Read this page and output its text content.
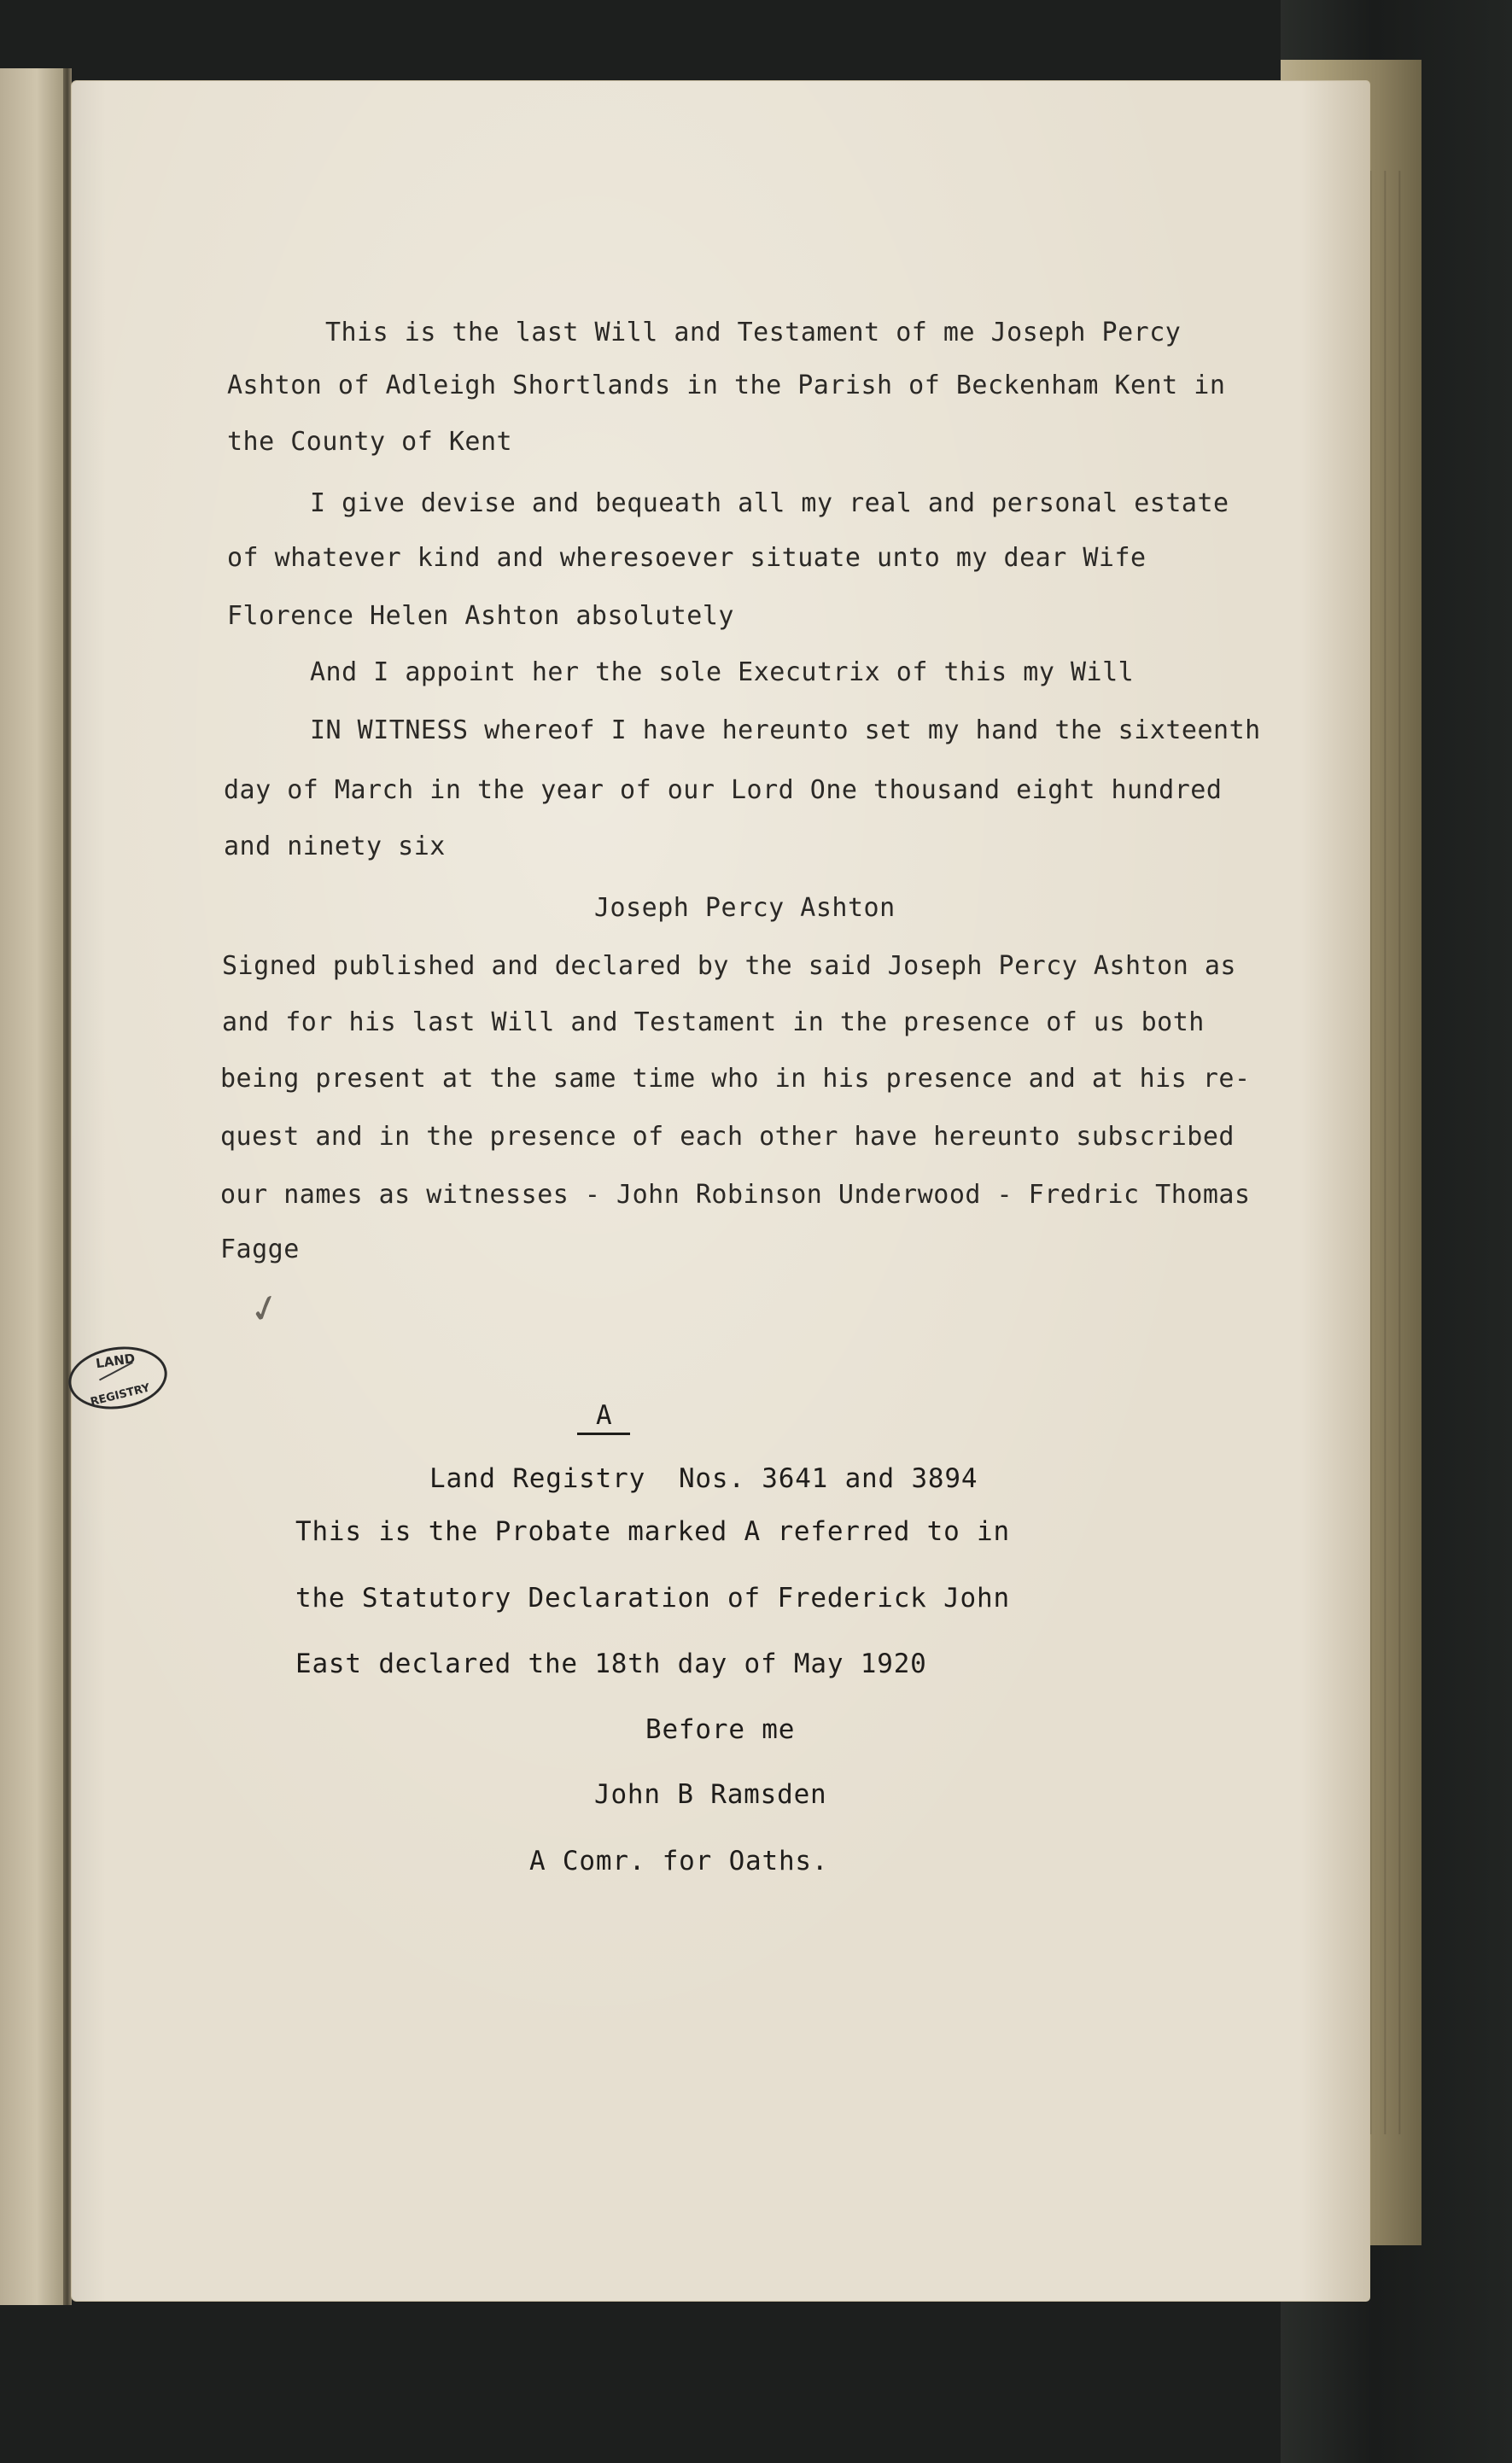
This is the last Will and Testament of me Joseph Percy
Ashton of Adleigh Shortlands in the Parish of Beckenham Kent in
the County of Kent
I give devise and bequeath all my real and personal estate
of whatever kind and wheresoever situate unto my dear Wife
Florence Helen Ashton absolutely
And I appoint her the sole Executrix of this my Will
IN WITNESS whereof I have hereunto set my hand the sixteenth
day of March in the year of our Lord One thousand eight hundred
and ninety six
Joseph Percy Ashton
Signed published and declared by the said Joseph Percy Ashton as
and for his last Will and Testament in the presence of us both
being present at the same time who in his presence and at his re-
quest and in the presence of each other have hereunto subscribed
our names as witnesses - John Robinson Underwood - Fredric Thomas
Fagge
✓
LAND
REGISTRY
A
Land Registry  Nos. 3641 and 3894
This is the Probate marked A referred to in
the Statutory Declaration of Frederick John
East declared the 18th day of May 1920
Before me
John B Ramsden
A Comr. for Oaths.
